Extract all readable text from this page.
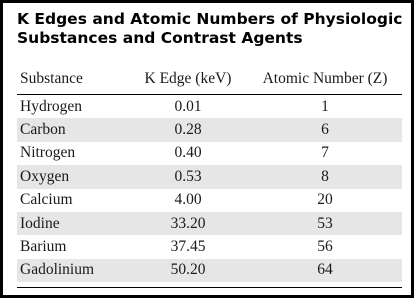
K Edges and Atomic Numbers of Physiologic Substances and Contrast Agents
Substance	K Edge (keV)	Atomic Number (Z)
Hydrogen	0.01	1
Carbon	0.28	6
Nitrogen	0.40	7
Oxygen	0.53	8
Calcium	4.00	20
Iodine	33.20	53
Barium	37.45	56
Gadolinium	50.20	64
